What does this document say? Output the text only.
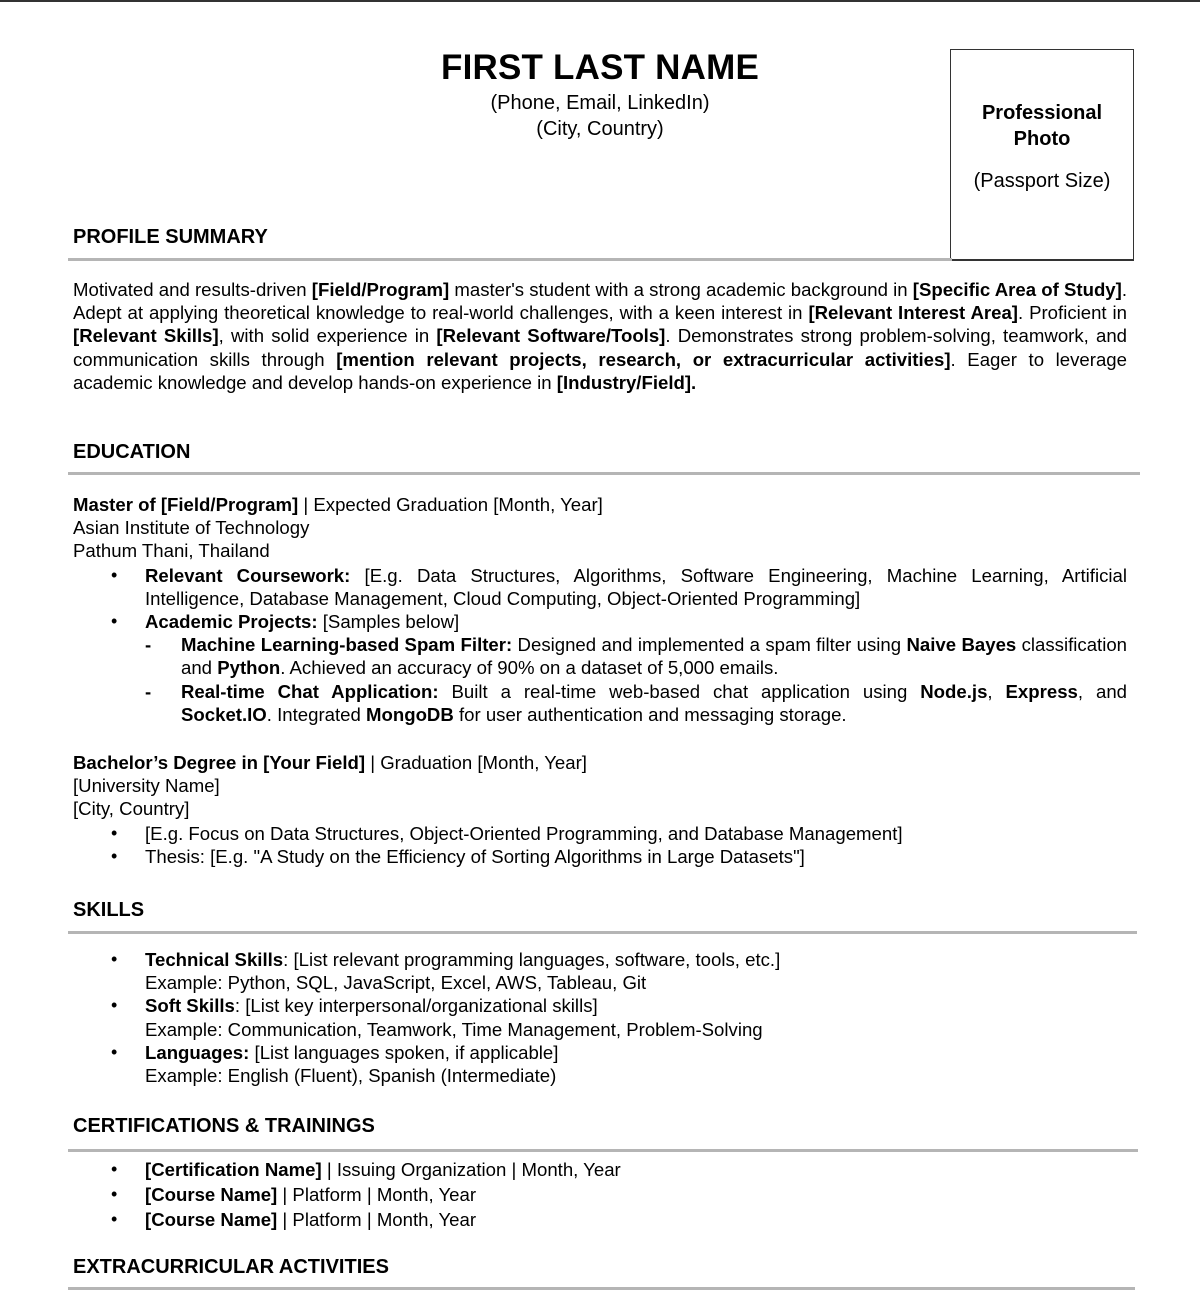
FIRST LAST NAME
(Phone, Email, LinkedIn)
(City, Country)
Professional
Photo
(Passport Size)
PROFILE SUMMARY
Motivated and results-driven [Field/Program] master's student with a strong academic background in [Specific Area of Study]. Adept at applying theoretical knowledge to real-world challenges, with a keen interest in [Relevant Interest Area]. Proficient in [Relevant Skills], with solid experience in [Relevant Software/Tools]. Demonstrates strong problem-solving, teamwork, and communication skills through [mention relevant projects, research, or extracurricular activities]. Eager to leverage academic knowledge and develop hands-on experience in [Industry/Field].
EDUCATION
Master of [Field/Program] | Expected Graduation [Month, Year]
Asian Institute of Technology
Pathum Thani, Thailand
• Relevant Coursework: [E.g. Data Structures, Algorithms, Software Engineering, Machine Learning, Artificial Intelligence, Database Management, Cloud Computing, Object-Oriented Programming]
• Academic Projects: [Samples below]
- Machine Learning-based Spam Filter: Designed and implemented a spam filter using Naive Bayes classification and Python. Achieved an accuracy of 90% on a dataset of 5,000 emails.
- Real-time Chat Application: Built a real-time web-based chat application using Node.js, Express, and Socket.IO. Integrated MongoDB for user authentication and messaging storage.
Bachelor’s Degree in [Your Field] | Graduation [Month, Year]
[University Name]
[City, Country]
• [E.g. Focus on Data Structures, Object-Oriented Programming, and Database Management]
• Thesis: [E.g. "A Study on the Efficiency of Sorting Algorithms in Large Datasets"]
SKILLS
• Technical Skills: [List relevant programming languages, software, tools, etc.]
Example: Python, SQL, JavaScript, Excel, AWS, Tableau, Git
• Soft Skills: [List key interpersonal/organizational skills]
Example: Communication, Teamwork, Time Management, Problem-Solving
• Languages: [List languages spoken, if applicable]
Example: English (Fluent), Spanish (Intermediate)
CERTIFICATIONS & TRAININGS
• [Certification Name] | Issuing Organization | Month, Year
• [Course Name] | Platform | Month, Year
• [Course Name] | Platform | Month, Year
EXTRACURRICULAR ACTIVITIES
